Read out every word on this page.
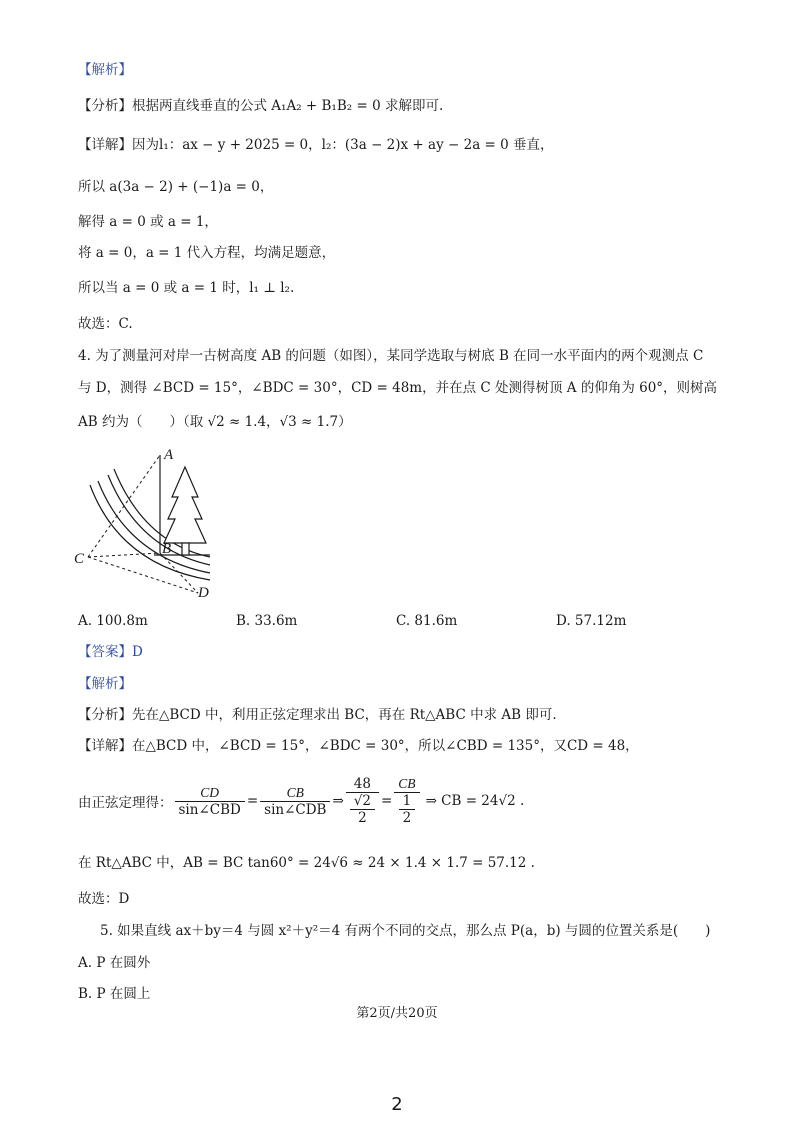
【解析】
【分析】根据两直线垂直的公式 A₁A₂ + B₁B₂ = 0 求解即可.
【详解】因为l₁：ax − y + 2025 = 0，l₂：(3a − 2)x + ay − 2a = 0 垂直，
所以 a(3a − 2) + (−1)a = 0，
解得 a = 0 或 a = 1，
将 a = 0，a = 1 代入方程，均满足题意，
所以当 a = 0 或 a = 1 时，l₁ ⊥ l₂.
故选：C.
4. 为了测量河对岸一古树高度 AB 的问题（如图），某同学选取与树底 B 在同一水平面内的两个观测点 C
与 D，测得 ∠BCD = 15°，∠BDC = 30°，CD = 48m，并在点 C 处测得树顶 A 的仰角为 60°，则树高
AB 约为（　　）（取 √2 ≈ 1.4，√3 ≈ 1.7）
A
B
C
D
A. 100.8m	B. 33.6m	C. 81.6m	D. 57.12m
【答案】D
【解析】
【分析】先在△BCD 中，利用正弦定理求出 BC，再在 Rt△ABC 中求 AB 即可.
【详解】在△BCD 中，∠BCD = 15°，∠BDC = 30°，所以∠CBD = 135°，又CD = 48，
由正弦定理得： $\frac{CD}{\text{sin∠CBD}} = \frac{CB}{\text{sin∠CDB}}$ ⇒ $\frac{48}{\frac{√2}{2}} = \frac{CB}{\frac{1}{2}}$ ⇒ CB = 24√2 .
在 Rt△ABC 中，AB = BC tan60° = 24√6 ≈ 24 × 1.4 × 1.7 = 57.12 .
故选：D
5. 如果直线 ax＋by＝4 与圆 x²＋y²＝4 有两个不同的交点，那么点 P(a，b) 与圆的位置关系是(　　)
A. P 在圆外
B. P 在圆上
第2页/共20页
2
